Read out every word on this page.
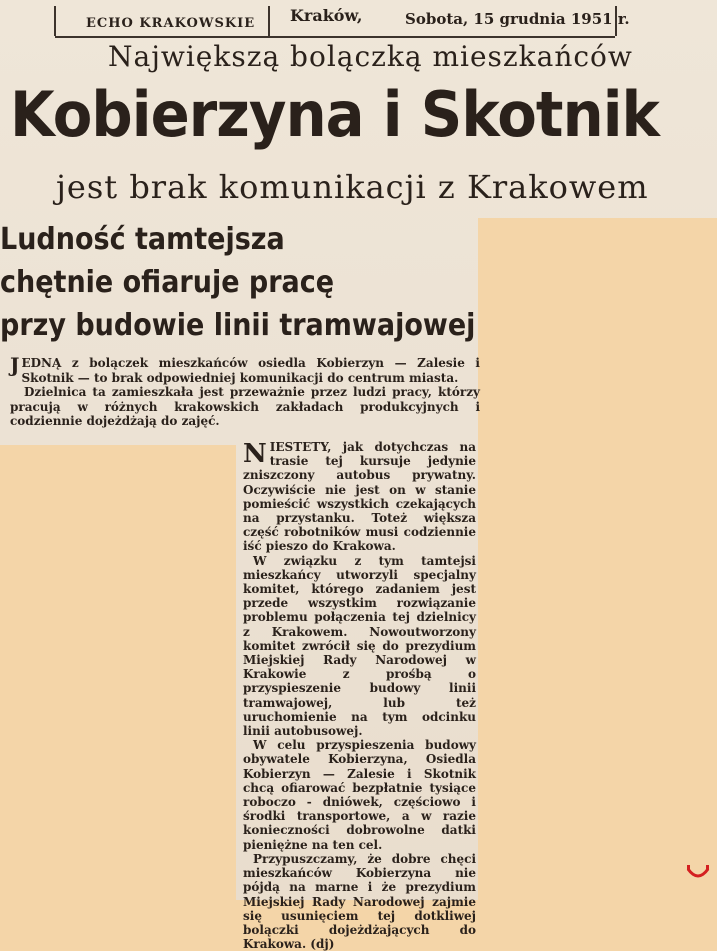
ECHO KRAKOWSKIE Kraków,	Sobota, 15 grudnia 1951 r.
Największą bolączką mieszkańców
Kobierzyna i Skotnik
jest brak komunikacji z Krakowem
Ludność tamtejsza
chętnie ofiaruje pracę
przy budowie linii tramwajowej

JEDNĄ z bolączek mieszkańców osiedla Kobierzyn — Zalesie i Skotnik — to brak odpowiedniej komunikacji do centrum miasta.

Dzielnica ta zamieszkała jest przeważnie przez ludzi pracy, którzy pracują w różnych krakowskich zakładach produkcyjnych i codziennie dojeżdżają do zajęć.

NIESTETY, jak dotychczas na trasie tej kursuje jedynie zniszczony autobus prywatny. Oczywiście nie jest on w stanie pomieścić wszystkich czekających na przystanku. Toteż większa część robotników musi codziennie iść pieszo do Krakowa.

W związku z tym tamtejsi mieszkańcy utworzyli specjalny komitet, którego zadaniem jest przede wszystkim rozwiązanie problemu połączenia tej dzielnicy z Krakowem. Nowoutworzony komitet zwrócił się do prezydium Miejskiej Rady Narodowej w Krakowie z prośbą o przyspieszenie budowy linii tramwajowej, lub też uruchomienie na tym odcinku linii autobusowej.

W celu przyspieszenia budowy obywatele Kobierzyna, Osiedla Kobierzyn — Zalesie i Skotnik chcą ofiarować bezpłatnie tysiące roboczo - dniówek, częściowo i środki transportowe, a w razie konieczności dobrowolne datki pieniężne na ten cel.

Przypuszczamy, że dobre chęci mieszkańców Kobierzyna nie pójdą na marne i że prezydium Miejskiej Rady Narodowej zajmie się usunięciem tej dotkliwej bolączki dojeżdżających do Krakowa. (dj)
